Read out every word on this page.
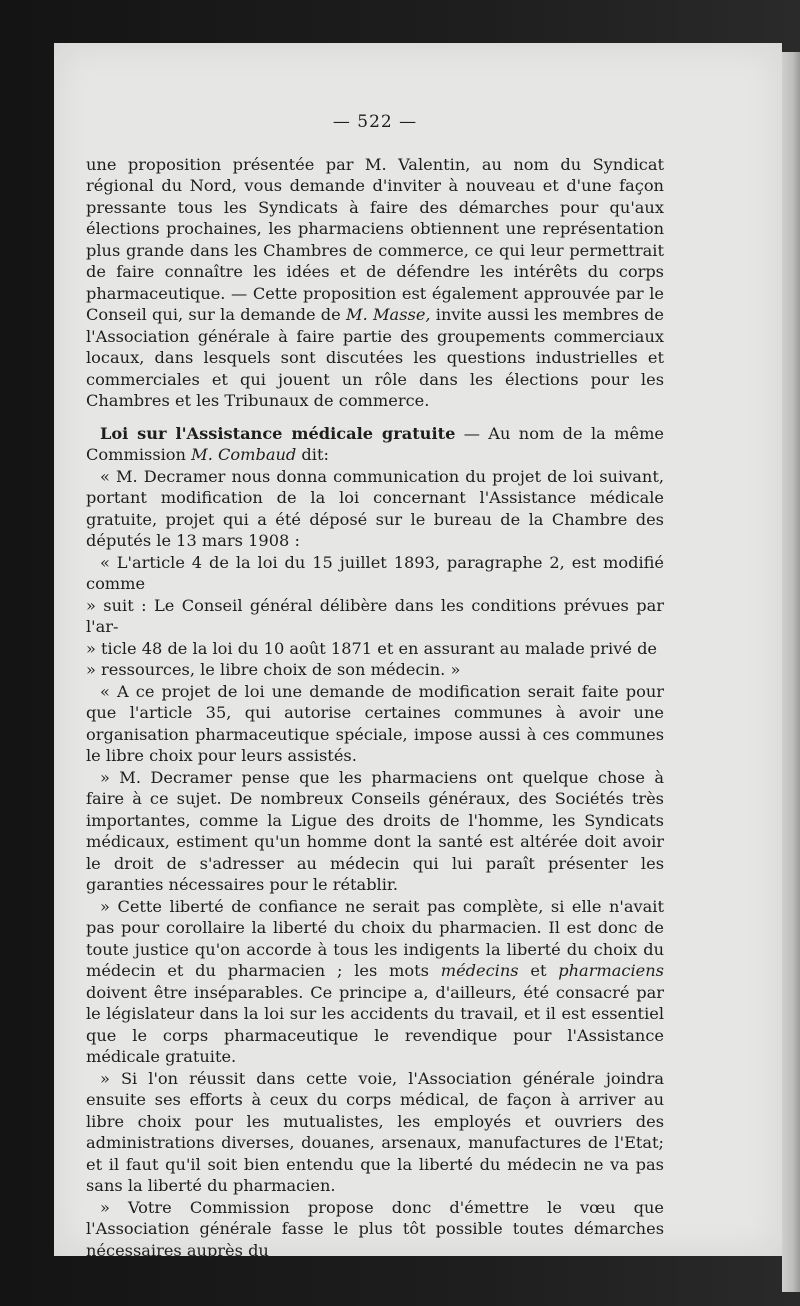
— 522 —

une proposition présentée par M. Valentin, au nom du Syndicat régional du Nord, vous demande d'inviter à nouveau et d'une façon pressante tous les Syndicats à faire des démarches pour qu'aux élections prochaines, les pharmaciens obtiennent une représentation plus grande dans les Chambres de commerce, ce qui leur permettrait de faire connaître les idées et de défendre les intérêts du corps pharmaceutique. — Cette proposition est également approuvée par le Conseil qui, sur la demande de M. Masse, invite aussi les membres de l'Association générale à faire partie des groupements commerciaux locaux, dans lesquels sont discutées les questions industrielles et commerciales et qui jouent un rôle dans les élections pour les Chambres et les Tribunaux de commerce.

Loi sur l'Assistance médicale gratuite — Au nom de la même Commission M. Combaud dit:

« M. Decramer nous donna communication du projet de loi suivant, portant modification de la loi concernant l'Assistance médicale gratuite, projet qui a été déposé sur le bureau de la Chambre des députés le 13 mars 1908 :

« L'article 4 de la loi du 15 juillet 1893, paragraphe 2, est modifié comme

» suit : Le Conseil général délibère dans les conditions prévues par l'ar-

» ticle 48 de la loi du 10 août 1871 et en assurant au malade privé de

» ressources, le libre choix de son médecin. »

« A ce projet de loi une demande de modification serait faite pour que l'article 35, qui autorise certaines communes à avoir une organisation pharmaceutique spéciale, impose aussi à ces communes le libre choix pour leurs assistés.

» M. Decramer pense que les pharmaciens ont quelque chose à faire à ce sujet. De nombreux Conseils généraux, des Sociétés très importantes, comme la Ligue des droits de l'homme, les Syndicats médicaux, estiment qu'un homme dont la santé est altérée doit avoir le droit de s'adresser au médecin qui lui paraît présenter les garanties nécessaires pour le rétablir.

» Cette liberté de confiance ne serait pas complète, si elle n'avait pas pour corollaire la liberté du choix du pharmacien. Il est donc de toute justice qu'on accorde à tous les indigents la liberté du choix du médecin et du pharmacien ; les mots médecins et pharmaciens doivent être inséparables. Ce principe a, d'ailleurs, été consacré par le législateur dans la loi sur les accidents du travail, et il est essentiel que le corps pharmaceutique le revendique pour l'Assistance médicale gratuite.

» Si l'on réussit dans cette voie, l'Association générale joindra ensuite ses efforts à ceux du corps médical, de façon à arriver au libre choix pour les mutualistes, les employés et ouvriers des administrations diverses, douanes, arsenaux, manufactures de l'Etat; et il faut qu'il soit bien entendu que la liberté du médecin ne va pas sans la liberté du pharmacien.

» Votre Commission propose donc d'émettre le vœu que l'Association générale fasse le plus tôt possible toutes démarches nécessaires auprès du
